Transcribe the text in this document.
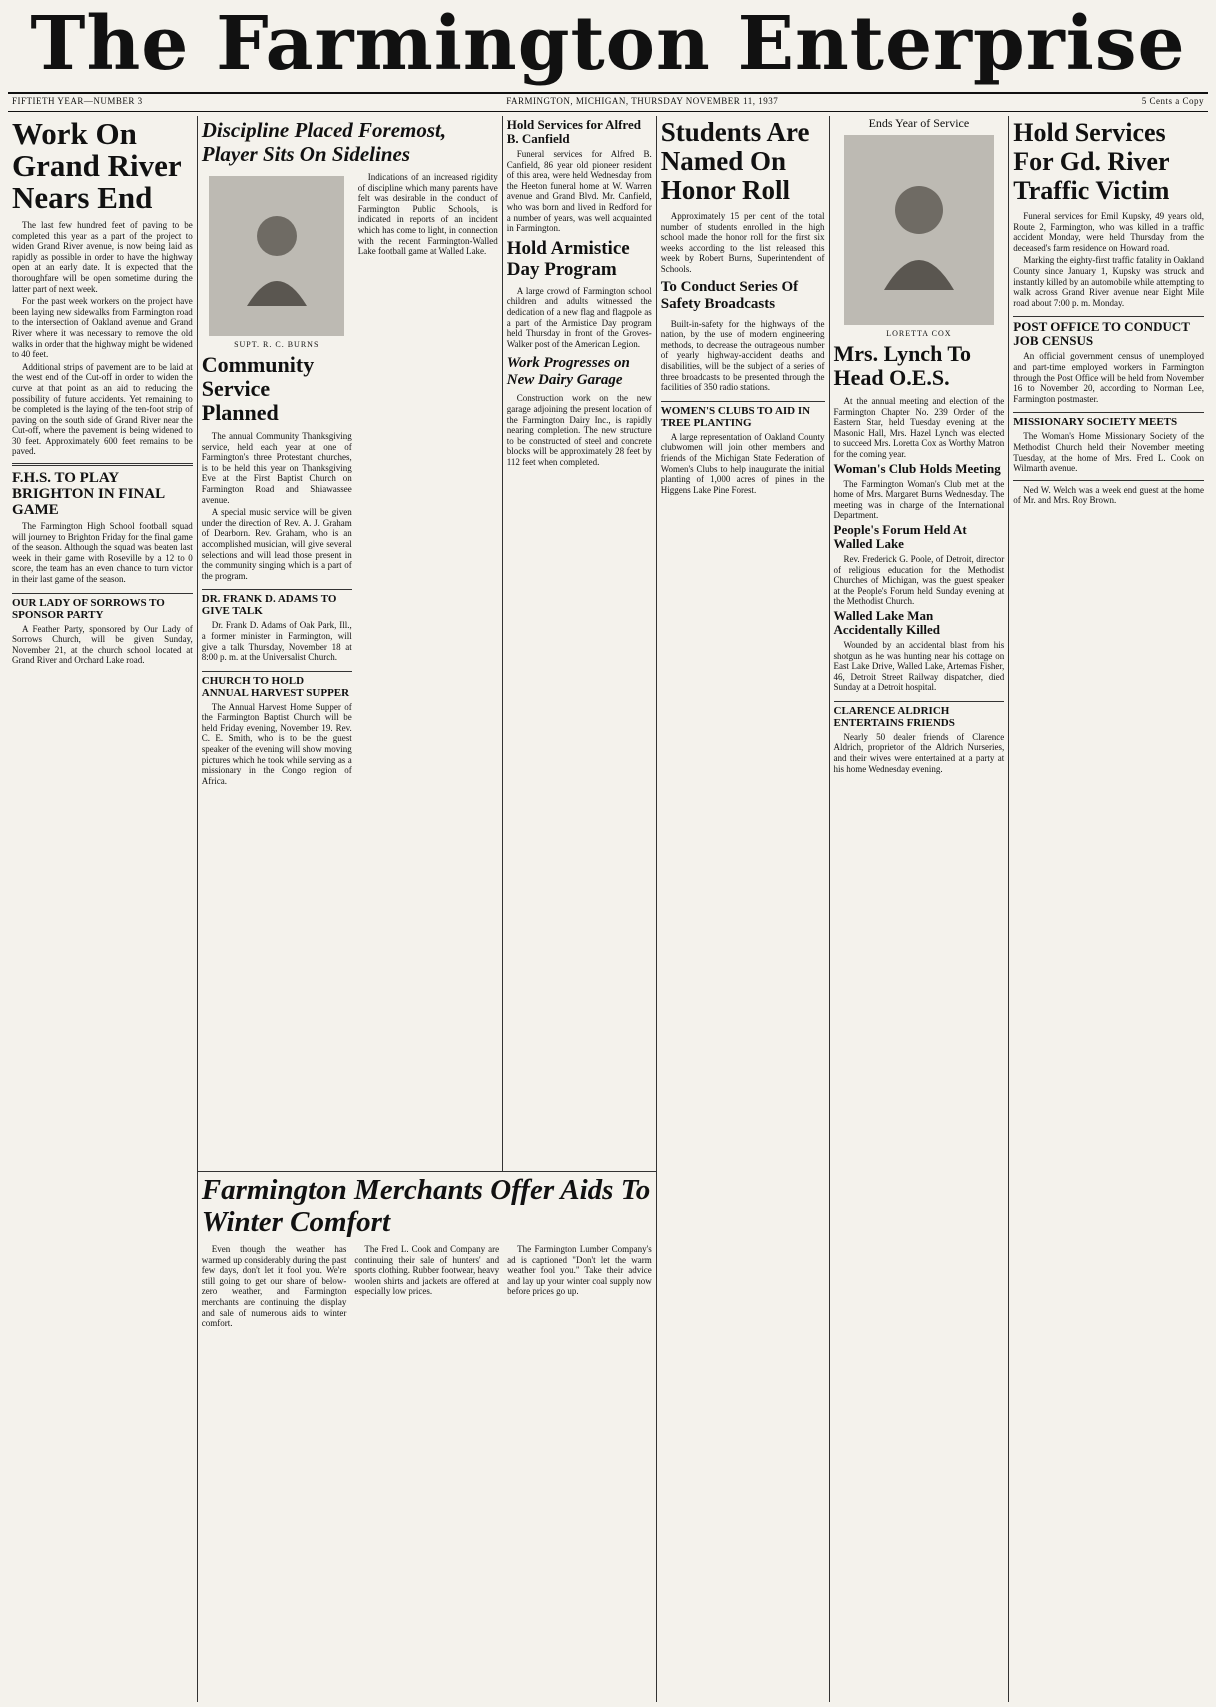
The Farmington Enterprise
FIFTIETH YEAR—NUMBER 3	FARMINGTON, MICHIGAN, THURSDAY NOVEMBER 11, 1937	5 Cents a Copy
Work On Grand River Nears End

The last few hundred feet of paving to be completed this year as a part of the project to widen Grand River avenue, is now being laid as rapidly as possible in order to have the highway open at an early date. It is expected that the thoroughfare will be open sometime during the latter part of next week.

For the past week workers on the project have been laying new sidewalks from Farmington road to the intersection of Oakland avenue and Grand River where it was necessary to remove the old walks in order that the highway might be widened to 40 feet.

Additional strips of pavement are to be laid at the west end of the Cut-off in order to widen the curve at that point as an aid to reducing the possibility of future accidents. Yet remaining to be completed is the laying of the ten-foot strip of paving on the south side of Grand River near the Cut-off, where the pavement is being widened to 30 feet. Approximately 600 feet remains to be paved.

F.H.S. TO PLAY BRIGHTON IN FINAL GAME

The Farmington High School football squad will journey to Brighton Friday for the final game of the season. Although the squad was beaten last week in their game with Roseville by a 12 to 0 score, the team has an even chance to turn victor in their last game of the season.

OUR LADY OF SORROWS TO SPONSOR PARTY

A Feather Party, sponsored by Our Lady of Sorrows Church, will be given Sunday, November 21, at the church school located at Grand River and Orchard Lake road.

Discipline Placed Foremost, Player Sits On Sidelines
SUPT. R. C. BURNS
Community Service Planned

The annual Community Thanksgiving service, held each year at one of Farmington's three Protestant churches, is to be held this year on Thanksgiving Eve at the First Baptist Church on Farmington Road and Shiawassee avenue.

A special music service will be given under the direction of Rev. A. J. Graham of Dearborn. Rev. Graham, who is an accomplished musician, will give several selections and will lead those present in the community singing which is a part of the program.

DR. FRANK D. ADAMS TO GIVE TALK

Dr. Frank D. Adams of Oak Park, Ill., a former minister in Farmington, will give a talk Thursday, November 18 at 8:00 p. m. at the Universalist Church.

CHURCH TO HOLD ANNUAL HARVEST SUPPER

The Annual Harvest Home Supper of the Farmington Baptist Church will be held Friday evening, November 19. Rev. C. E. Smith, who is to be the guest speaker of the evening will show moving pictures which he took while serving as a missionary in the Congo region of Africa.

Indications of an increased rigidity of discipline which many parents have felt was desirable in the conduct of Farmington Public Schools, is indicated in reports of an incident which has come to light, in connection with the recent Farmington-Walled Lake football game at Walled Lake.

Hold Services for Alfred B. Canfield

Funeral services for Alfred B. Canfield, 86 year old pioneer resident of this area, were held Wednesday from the Heeton funeral home at W. Warren avenue and Grand Blvd. Mr. Canfield, who was born and lived in Redford for a number of years, was well acquainted in Farmington.

Hold Armistice Day Program

A large crowd of Farmington school children and adults witnessed the dedication of a new flag and flagpole as a part of the Armistice Day program held Thursday in front of the Groves-Walker post of the American Legion.

Work Progresses on New Dairy Garage

Construction work on the new garage adjoining the present location of the Farmington Dairy Inc., is rapidly nearing completion. The new structure to be constructed of steel and concrete blocks will be approximately 28 feet by 112 feet when completed.

Farmington Merchants Offer Aids To Winter Comfort

Even though the weather has warmed up considerably during the past few days, don't let it fool you. We're still going to get our share of below-zero weather, and Farmington merchants are continuing the display and sale of numerous aids to winter comfort.

The Fred L. Cook and Company are continuing their sale of hunters' and sports clothing. Rubber footwear, heavy woolen shirts and jackets are offered at especially low prices.

The Farmington Lumber Company's ad is captioned "Don't let the warm weather fool you." Take their advice and lay up your winter coal supply now before prices go up.

Students Are Named On Honor Roll

Approximately 15 per cent of the total number of students enrolled in the high school made the honor roll for the first six weeks according to the list released this week by Robert Burns, Superintendent of Schools.

To Conduct Series Of Safety Broadcasts

Built-in-safety for the highways of the nation, by the use of modern engineering methods, to decrease the outrageous number of yearly highway-accident deaths and disabilities, will be the subject of a series of three broadcasts to be presented through the facilities of 350 radio stations.

WOMEN'S CLUBS TO AID IN TREE PLANTING

A large representation of Oakland County clubwomen will join other members and friends of the Michigan State Federation of Women's Clubs to help inaugurate the initial planting of 1,000 acres of pines in the Higgens Lake Pine Forest.

Ends Year of Service
LORETTA COX
Mrs. Lynch To Head O.E.S.

At the annual meeting and election of the Farmington Chapter No. 239 Order of the Eastern Star, held Tuesday evening at the Masonic Hall, Mrs. Hazel Lynch was elected to succeed Mrs. Loretta Cox as Worthy Matron for the coming year.

Woman's Club Holds Meeting

The Farmington Woman's Club met at the home of Mrs. Margaret Burns Wednesday. The meeting was in charge of the International Department.

People's Forum Held At Walled Lake

Rev. Frederick G. Poole, of Detroit, director of religious education for the Methodist Churches of Michigan, was the guest speaker at the People's Forum held Sunday evening at the Methodist Church.

Walled Lake Man Accidentally Killed

Wounded by an accidental blast from his shotgun as he was hunting near his cottage on East Lake Drive, Walled Lake, Artemas Fisher, 46, Detroit Street Railway dispatcher, died Sunday at a Detroit hospital.

CLARENCE ALDRICH ENTERTAINS FRIENDS

Nearly 50 dealer friends of Clarence Aldrich, proprietor of the Aldrich Nurseries, and their wives were entertained at a party at his home Wednesday evening.

Hold Services For Gd. River Traffic Victim

Funeral services for Emil Kupsky, 49 years old, Route 2, Farmington, who was killed in a traffic accident Monday, were held Thursday from the deceased's farm residence on Howard road.

Marking the eighty-first traffic fatality in Oakland County since January 1, Kupsky was struck and instantly killed by an automobile while attempting to walk across Grand River avenue near Eight Mile road about 7:00 p. m. Monday.

POST OFFICE TO CONDUCT JOB CENSUS

An official government census of unemployed and part-time employed workers in Farmington through the Post Office will be held from November 16 to November 20, according to Norman Lee, Farmington postmaster.

MISSIONARY SOCIETY MEETS

The Woman's Home Missionary Society of the Methodist Church held their November meeting Tuesday, at the home of Mrs. Fred L. Cook on Wilmarth avenue.

Ned W. Welch was a week end guest at the home of Mr. and Mrs. Roy Brown.
